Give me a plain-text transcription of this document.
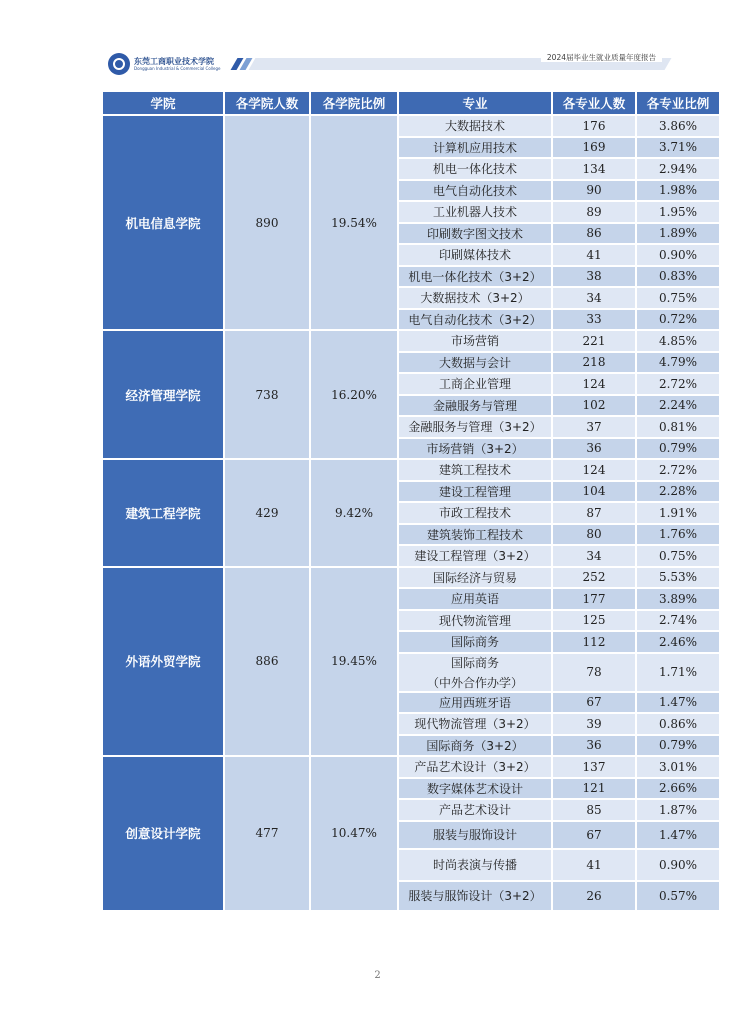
东莞工商职业技术学院
Dongguan Industrial & Commercial College
2024届毕业生就业质量年度报告
学院	各学院人数	各学院比例	专业	各专业人数	各专业比例
机电信息学院	890	19.54%	大数据技术	176	3.86%
			计算机应用技术	169	3.71%
			机电一体化技术	134	2.94%
			电气自动化技术	90	1.98%
			工业机器人技术	89	1.95%
			印刷数字图文技术	86	1.89%
			印刷媒体技术	41	0.90%
			机电一体化技术（3+2）	38	0.83%
			大数据技术（3+2）	34	0.75%
			电气自动化技术（3+2）	33	0.72%
经济管理学院	738	16.20%	市场营销	221	4.85%
			大数据与会计	218	4.79%
			工商企业管理	124	2.72%
			金融服务与管理	102	2.24%
			金融服务与管理（3+2）	37	0.81%
			市场营销（3+2）	36	0.79%
建筑工程学院	429	9.42%	建筑工程技术	124	2.72%
			建设工程管理	104	2.28%
			市政工程技术	87	1.91%
			建筑装饰工程技术	80	1.76%
			建设工程管理（3+2）	34	0.75%
外语外贸学院	886	19.45%	国际经济与贸易	252	5.53%
			应用英语	177	3.89%
			现代物流管理	125	2.74%
			国际商务	112	2.46%

			国际商务
（中外合作办学）	78	1.71%
			应用西班牙语	67	1.47%
			现代物流管理（3+2）	39	0.86%
			国际商务（3+2）	36	0.79%
创意设计学院	477	10.47%	产品艺术设计（3+2）	137	3.01%
			数字媒体艺术设计	121	2.66%
			产品艺术设计	85	1.87%
			服装与服饰设计	67	1.47%
			时尚表演与传播	41	0.90%
			服装与服饰设计（3+2）	26	0.57%
2
